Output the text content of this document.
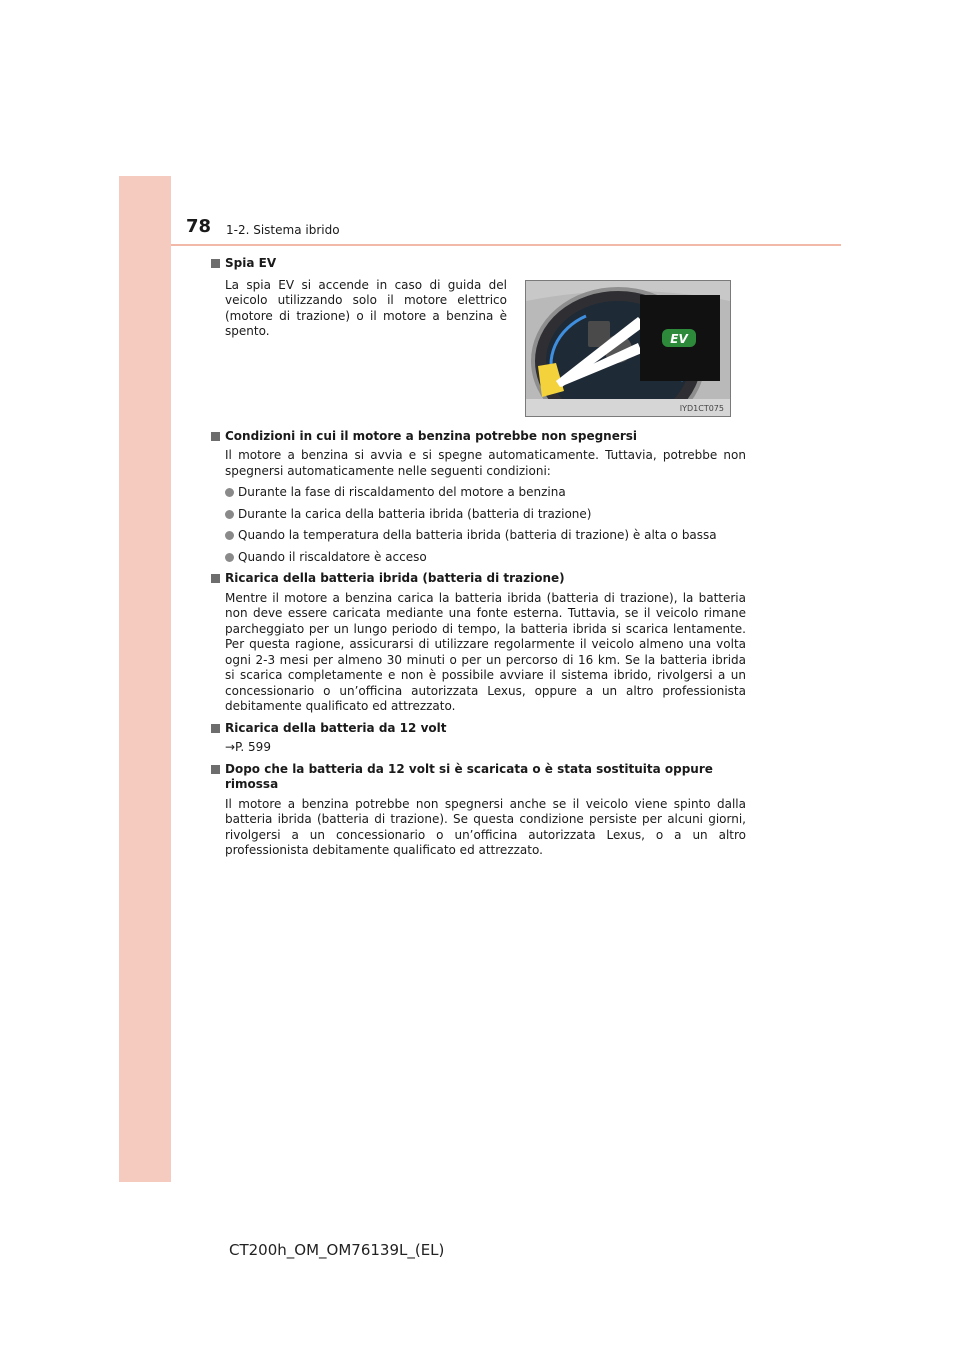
78 1-2. Sistema ibrido
EV
IYD1CT075
Spia EV
La spia EV si accende in caso di guida del veicolo utilizzando solo il motore elettrico (motore di trazione) o il motore a benzina è spento.
Condizioni in cui il motore a benzina potrebbe non spegnersi
Il motore a benzina si avvia e si spegne automaticamente. Tuttavia, potrebbe non spegnersi automaticamente nelle seguenti condizioni:
Durante la fase di riscaldamento del motore a benzina
Durante la carica della batteria ibrida (batteria di trazione)
Quando la temperatura della batteria ibrida (batteria di trazione) è alta o bassa
Quando il riscaldatore è acceso
Ricarica della batteria ibrida (batteria di trazione)
Mentre il motore a benzina carica la batteria ibrida (batteria di trazione), la batteria non deve essere caricata mediante una fonte esterna. Tuttavia, se il veicolo rimane parcheggiato per un lungo periodo di tempo, la batteria ibrida si scarica lentamente. Per questa ragione, assicurarsi di utilizzare regolarmente il veicolo almeno una volta ogni 2-3 mesi per almeno 30 minuti o per un percorso di 16 km. Se la batteria ibrida si scarica completamente e non è possibile avviare il sistema ibrido, rivolgersi a un concessionario o un’officina autorizzata Lexus, oppure a un altro professionista debitamente qualificato ed attrezzato.
Ricarica della batteria da 12 volt
→P. 599
Dopo che la batteria da 12 volt si è scaricata o è stata sostituita oppure rimossa
Il motore a benzina potrebbe non spegnersi anche se il veicolo viene spinto dalla batteria ibrida (batteria di trazione). Se questa condizione persiste per alcuni giorni, rivolgersi a un concessionario o un’officina autorizzata Lexus, o a un altro professionista debitamente qualificato ed attrezzato.
CT200h_OM_OM76139L_(EL)
